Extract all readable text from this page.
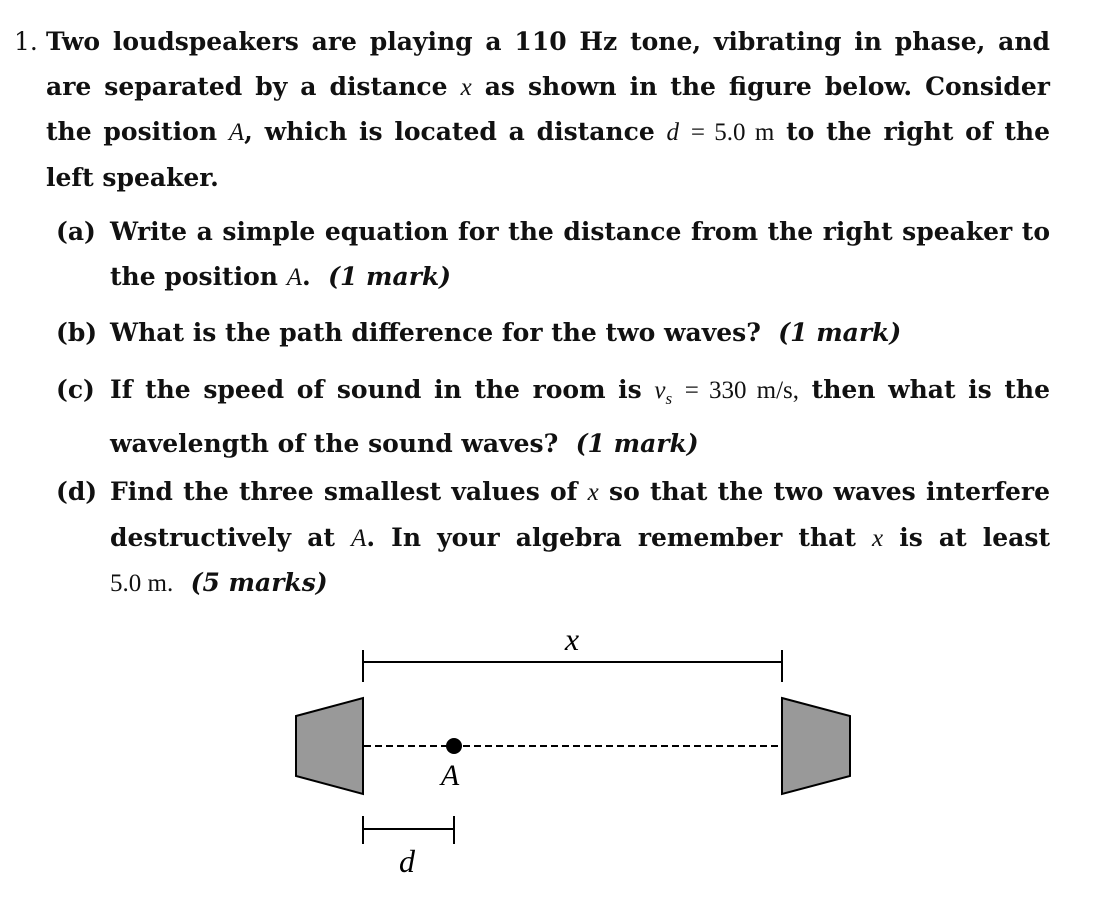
1. Two loudspeakers are playing a 110 Hz tone, vibrating in phase, and
are separated by a distance x as shown in the figure below. Consider
the position A, which is located a distance d = 5.0 m to the right of the
left speaker.
(a) Write a simple equation for the distance from the right speaker to
the position A. (1 mark)
(b) What is the path difference for the two waves? (1 mark)
(c) If the speed of sound in the room is $v_s = 330$ m/s, then what is the
wavelength of the sound waves? (1 mark)
(d) Find the three smallest values of x so that the two waves interfere
destructively at A. In your algebra remember that x is at least
5.0 m. (5 marks)
x
A
d
